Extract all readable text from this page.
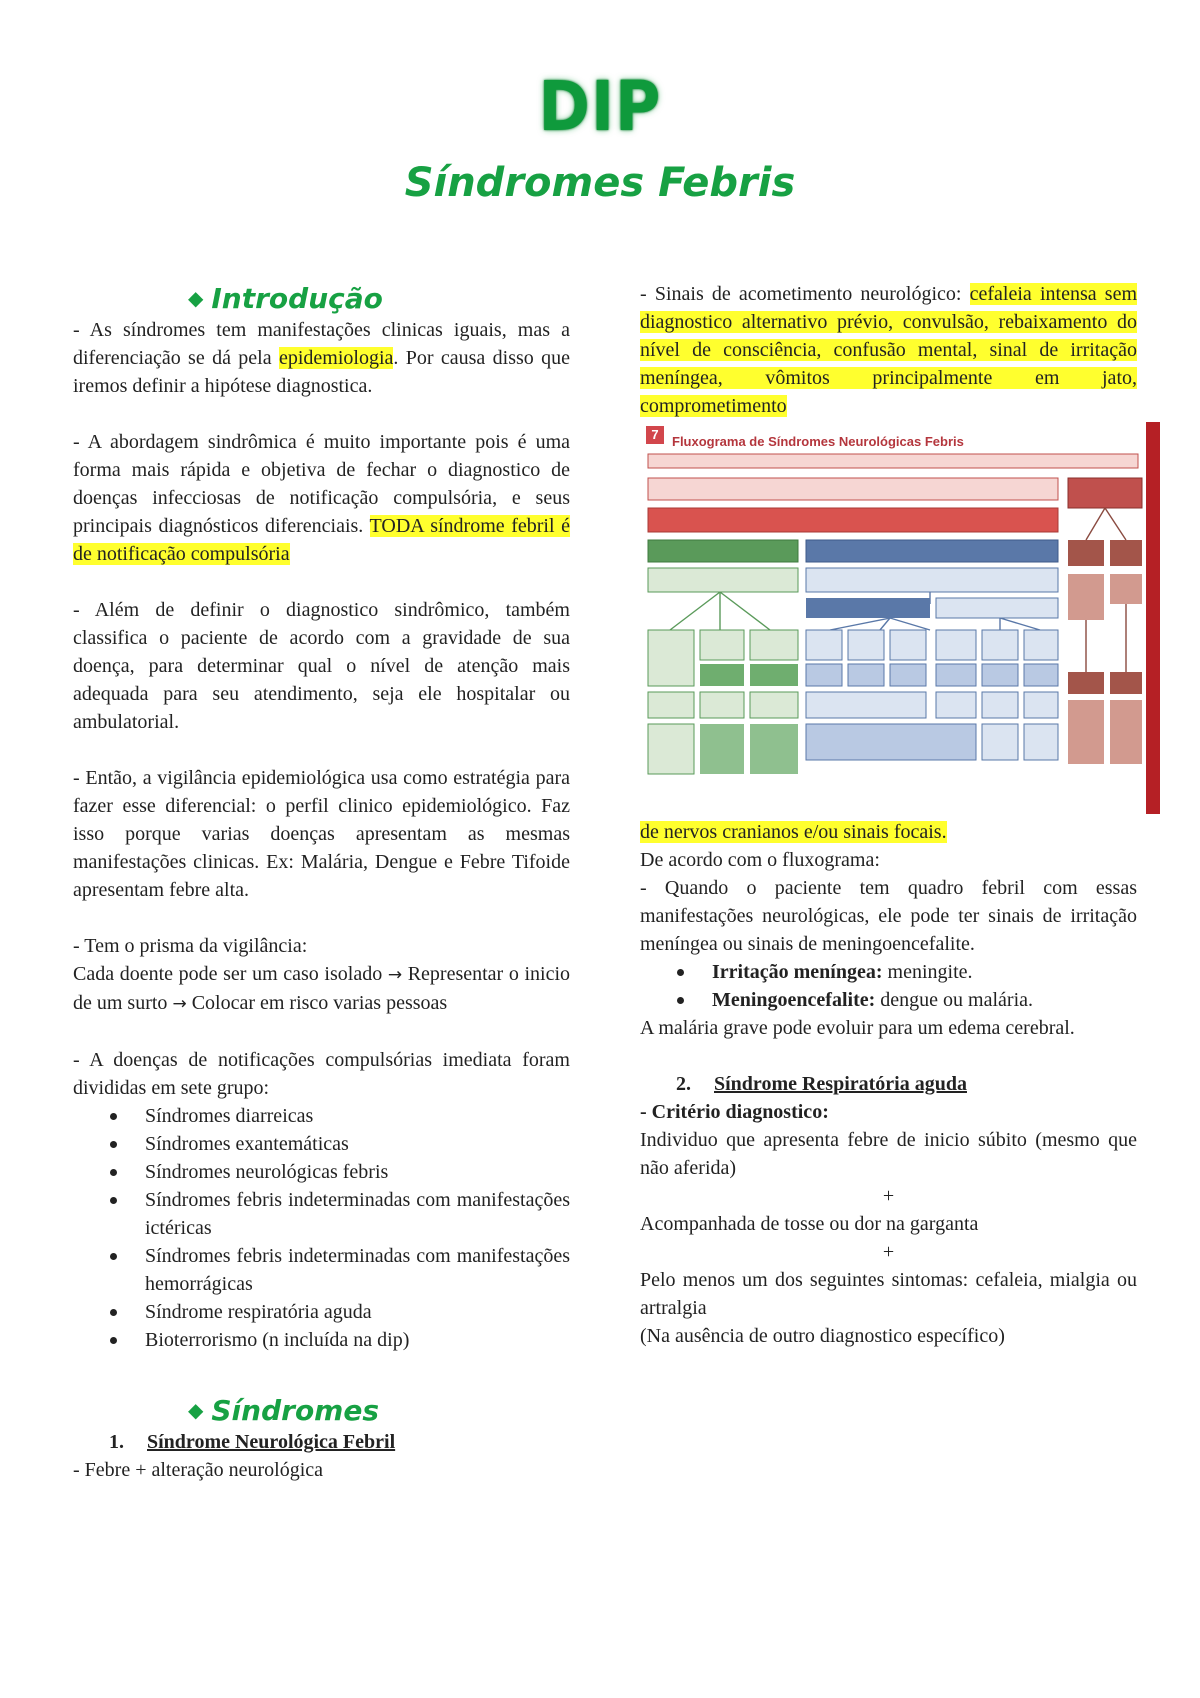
DIP
Síndromes Febris
◆ Introdução

- As síndromes tem manifestações clinicas iguais, mas a diferenciação se dá pela epidemiologia. Por causa disso que iremos definir a hipótese diagnostica.

- A abordagem sindrômica é muito importante pois é uma forma mais rápida e objetiva de fechar o diagnostico de doenças infecciosas de notificação compulsória, e seus principais diagnósticos diferenciais. TODA síndrome febril é de notificação compulsória

- Além de definir o diagnostico sindrômico, também classifica o paciente de acordo com a gravidade de sua doença, para determinar qual o nível de atenção mais adequada para seu atendimento, seja ele hospitalar ou ambulatorial.

- Então, a vigilância epidemiológica usa como estratégia para fazer esse diferencial: o perfil clinico epidemiológico. Faz isso porque varias doenças apresentam as mesmas manifestações clinicas. Ex: Malária, Dengue e Febre Tifoide apresentam febre alta.

- Tem o prisma da vigilância:

Cada doente pode ser um caso isolado → Representar o inicio de um surto → Colocar em risco varias pessoas

- A doenças de notificações compulsórias imediata foram divididas em sete grupo:

Síndromes diarreicas
Síndromes exantemáticas
Síndromes neurológicas febris
Síndromes febris indeterminadas com manifestações ictéricas
Síndromes febris indeterminadas com manifestações hemorrágicas
Síndrome respiratória aguda
Bioterrorismo (n incluída na dip)
◆ Síndromes
1. Síndrome Neurológica Febril

- Febre + alteração neurológica

- Sinais de acometimento neurológico: cefaleia intensa sem diagnostico alternativo prévio, convulsão, rebaixamento do nível de consciência, confusão mental, sinal de irritação meníngea, vômitos principalmente em jato, comprometimento

7	Fluxograma de Síndromes Neurológicas Febris

de nervos cranianos e/ou sinais focais.

De acordo com o fluxograma:

- Quando o paciente tem quadro febril com essas manifestações neurológicas, ele pode ter sinais de irritação meníngea ou sinais de meningoencefalite.

Irritação meníngea: meningite.
Meningoencefalite: dengue ou malária.

A malária grave pode evoluir para um edema cerebral.

2. Síndrome Respiratória aguda

- Critério diagnostico:

Individuo que apresenta febre de inicio súbito (mesmo que não aferida)

+

Acompanhada de tosse ou dor na garganta

+

Pelo menos um dos seguintes sintomas: cefaleia, mialgia ou artralgia

(Na ausência de outro diagnostico específico)
